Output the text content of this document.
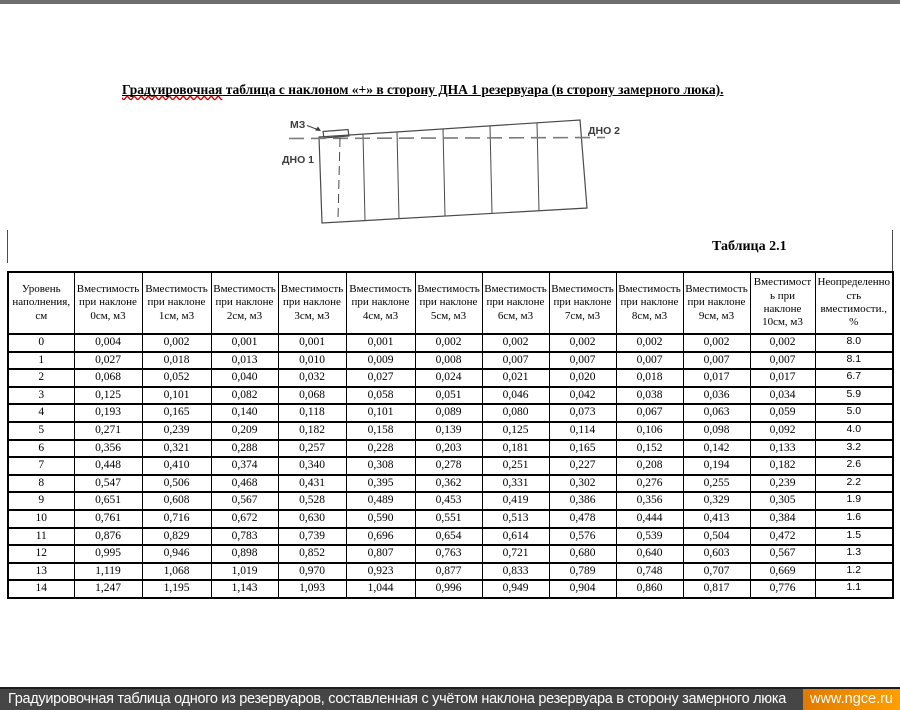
Градуировочная таблица с наклоном «+» в сторону ДНА 1 резервуара (в сторону замерного люка).
МЗ
ДНО 1
ДНО 2
Таблица 2.1
Уровень наполнения, см	Вместимость при наклоне 0см, м3	Вместимость при наклоне 1см, м3	Вместимость при наклоне 2см, м3	Вместимость при наклоне 3см, м3	Вместимость при наклоне 4см, м3	Вместимость при наклоне 5см, м3	Вместимость при наклоне 6см, м3	Вместимость при наклоне 7см, м3	Вместимость при наклоне 8см, м3	Вместимость при наклоне 9см, м3	Вместимость при наклоне 10см, м3	Неопределенность вместимости., %
0	0,004	0,002	0,001	0,001	0,001	0,002	0,002	0,002	0,002	0,002	0,002	8.0
1	0,027	0,018	0,013	0,010	0,009	0,008	0,007	0,007	0,007	0,007	0,007	8.1
2	0,068	0,052	0,040	0,032	0,027	0,024	0,021	0,020	0,018	0,017	0,017	6.7
3	0,125	0,101	0,082	0,068	0,058	0,051	0,046	0,042	0,038	0,036	0,034	5.9
4	0,193	0,165	0,140	0,118	0,101	0,089	0,080	0,073	0,067	0,063	0,059	5.0
5	0,271	0,239	0,209	0,182	0,158	0,139	0,125	0,114	0,106	0,098	0,092	4.0
6	0,356	0,321	0,288	0,257	0,228	0,203	0,181	0,165	0,152	0,142	0,133	3.2
7	0,448	0,410	0,374	0,340	0,308	0,278	0,251	0,227	0,208	0,194	0,182	2.6
8	0,547	0,506	0,468	0,431	0,395	0,362	0,331	0,302	0,276	0,255	0,239	2.2
9	0,651	0,608	0,567	0,528	0,489	0,453	0,419	0,386	0,356	0,329	0,305	1.9
10	0,761	0,716	0,672	0,630	0,590	0,551	0,513	0,478	0,444	0,413	0,384	1.6
11	0,876	0,829	0,783	0,739	0,696	0,654	0,614	0,576	0,539	0,504	0,472	1.5
12	0,995	0,946	0,898	0,852	0,807	0,763	0,721	0,680	0,640	0,603	0,567	1.3
13	1,119	1,068	1,019	0,970	0,923	0,877	0,833	0,789	0,748	0,707	0,669	1.2
14	1,247	1,195	1,143	1,093	1,044	0,996	0,949	0,904	0,860	0,817	0,776	1.1
Градуировочная таблица одного из резервуаров, составленная с учётом наклона резервуара в сторону замерного люка	www.ngce.ru
